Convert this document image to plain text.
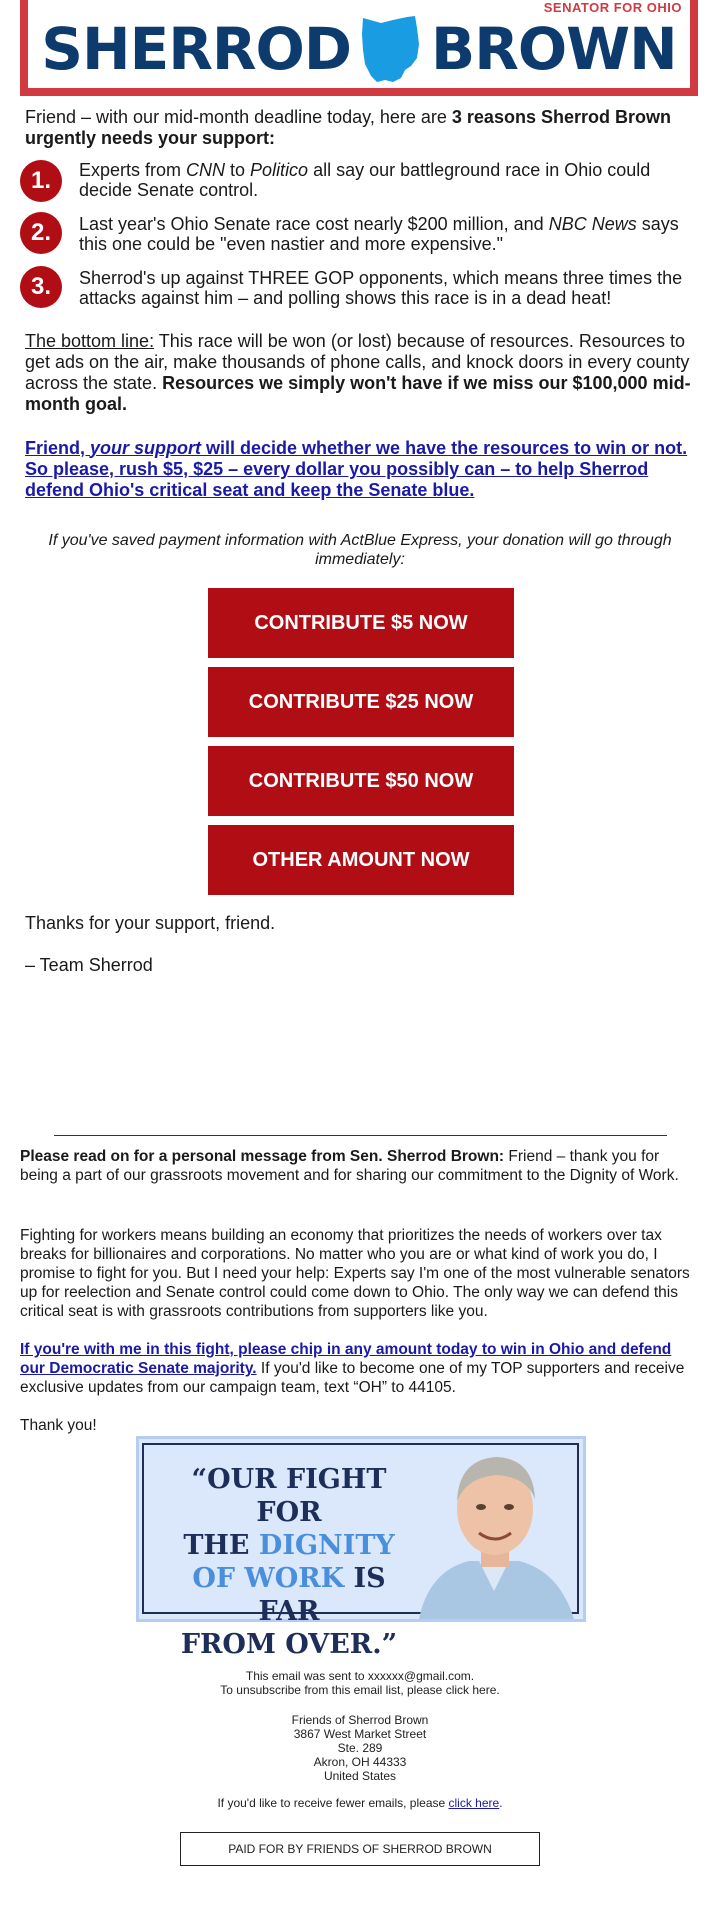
SENATOR FOR OHIO
SHERROD BROWN
Friend – with our mid-month deadline today, here are 3 reasons Sherrod Brown urgently needs your support:
1.	Experts from CNN to Politico all say our battleground race in Ohio could decide Senate control.
2.	Last year's Ohio Senate race cost nearly $200 million, and NBC News says this one could be "even nastier and more expensive."
3.	Sherrod's up against THREE GOP opponents, which means three times the attacks against him – and polling shows this race is in a dead heat!
The bottom line: This race will be won (or lost) because of resources. Resources to get ads on the air, make thousands of phone calls, and knock doors in every county across the state. Resources we simply won't have if we miss our $100,000 mid-month goal.
Friend, your support will decide whether we have the resources to win or not. So please, rush $5, $25 – every dollar you possibly can – to help Sherrod defend Ohio's critical seat and keep the Senate blue.
If you've saved payment information with ActBlue Express, your donation will go through immediately:
CONTRIBUTE $5 NOW
CONTRIBUTE $25 NOW
CONTRIBUTE $50 NOW
OTHER AMOUNT NOW
Thanks for your support, friend.
– Team Sherrod
Please read on for a personal message from Sen. Sherrod Brown: Friend – thank you for being a part of our grassroots movement and for sharing our commitment to the Dignity of Work.
Fighting for workers means building an economy that prioritizes the needs of workers over tax breaks for billionaires and corporations. No matter who you are or what kind of work you do, I promise to fight for you. But I need your help: Experts say I'm one of the most vulnerable senators up for reelection and Senate control could come down to Ohio. The only way we can defend this critical seat is with grassroots contributions from supporters like you.
If you're with me in this fight, please chip in any amount today to win in Ohio and defend our Democratic Senate majority. If you'd like to become one of my TOP supporters and receive exclusive updates from our campaign team, text “OH” to 44105.
Thank you!
“OUR FIGHT FOR
THE DIGNITY
OF WORK IS FAR
FROM OVER.”
This email was sent to xxxxxx@gmail.com.
To unsubscribe from this email list, please click here.
Friends of Sherrod Brown
3867 West Market Street
Ste. 289
Akron, OH 44333
United States
If you'd like to receive fewer emails, please click here.
PAID FOR BY FRIENDS OF SHERROD BROWN
